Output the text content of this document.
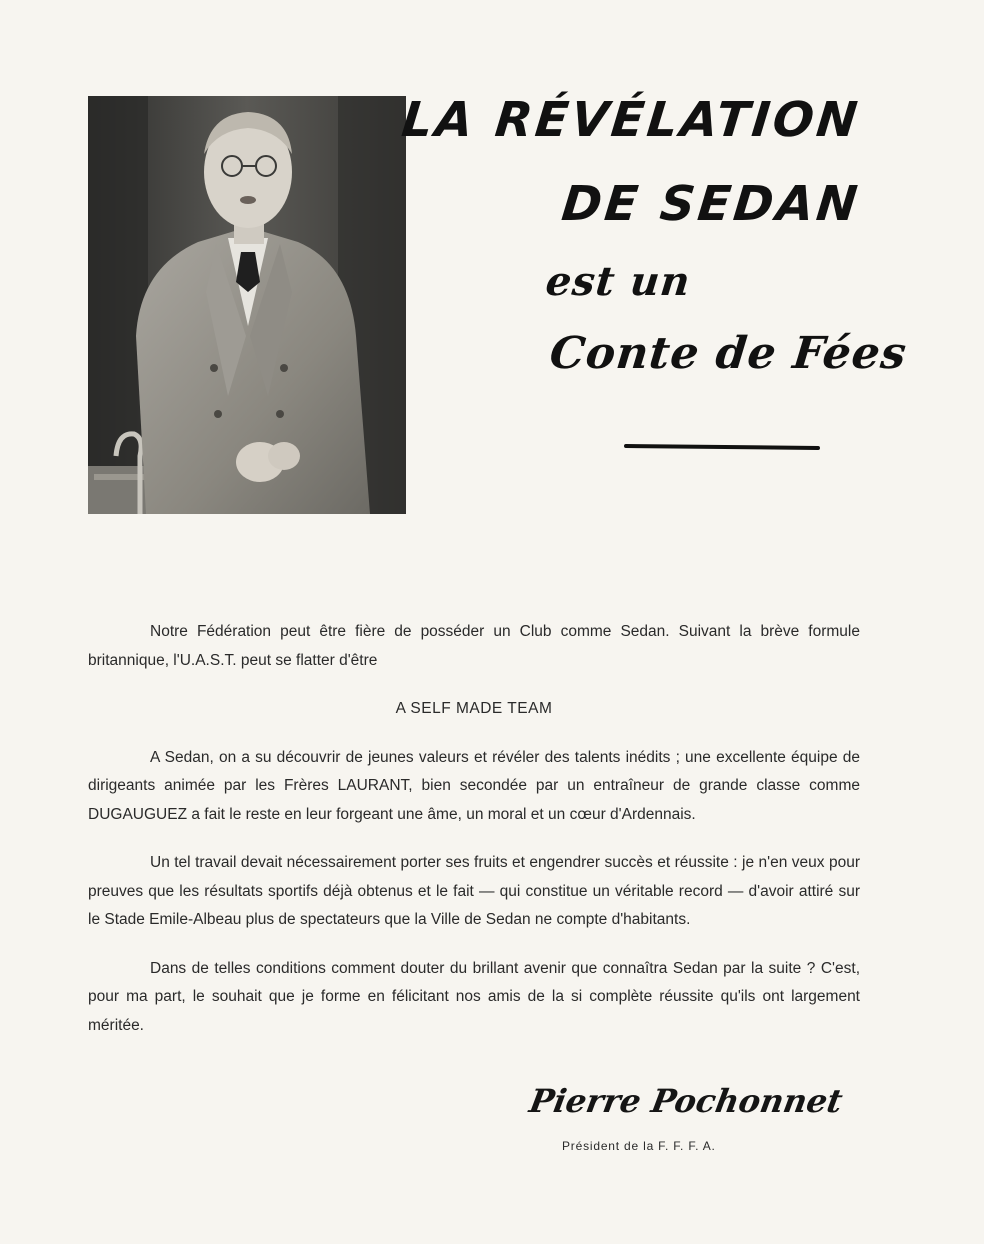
LA RÉVÉLATION
DE SEDAN
est un
Conte de Fées

Notre Fédération peut être fière de posséder un Club comme Sedan. Suivant la brève formule britannique, l'U.A.S.T. peut se flatter d'être

A SELF MADE TEAM

A Sedan, on a su découvrir de jeunes valeurs et révéler des talents inédits ; une excellente équipe de dirigeants animée par les Frères LAURANT, bien secondée par un entraîneur de grande classe comme DUGAUGUEZ a fait le reste en leur forgeant une âme, un moral et un cœur d'Ardennais.

Un tel travail devait nécessairement porter ses fruits et engendrer succès et réussite : je n'en veux pour preuves que les résultats sportifs déjà obtenus et le fait — qui constitue un véritable record — d'avoir attiré sur le Stade Emile-Albeau plus de spectateurs que la Ville de Sedan ne compte d'habitants.

Dans de telles conditions comment douter du brillant avenir que connaîtra Sedan par la suite ? C'est, pour ma part, le souhait que je forme en félicitant nos amis de la si complète réussite qu'ils ont largement méritée.

Pierre Pochonnet
Président de la F. F. F. A.
